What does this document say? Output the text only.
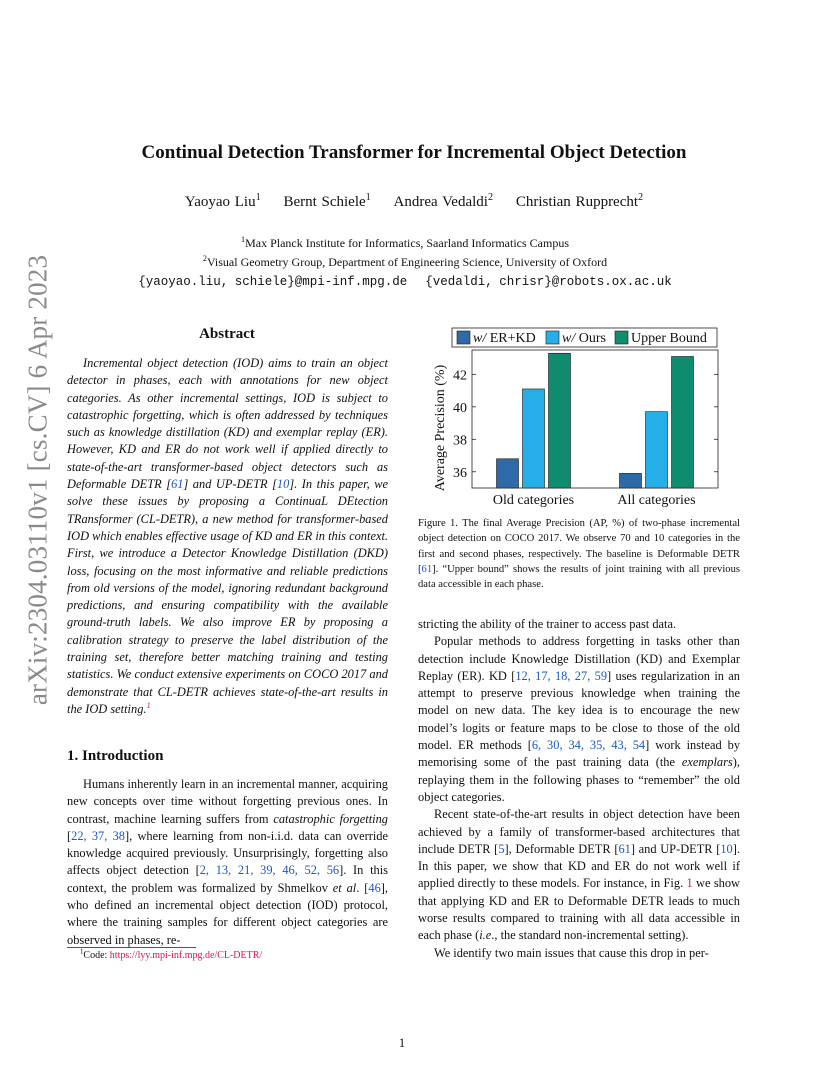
arXiv:2304.03110v1 [cs.CV] 6 Apr 2023
Continual Detection Transformer for Incremental Object Detection
Yaoyao Liu$^1$ Bernt Schiele$^1$ Andrea Vedaldi$^2$ Christian Rupprecht$^2$
$^1$Max Planck Institute for Informatics, Saarland Informatics Campus
$^2$Visual Geometry Group, Department of Engineering Science, University of Oxford
{yaoyao.liu, schiele}@mpi-inf.mpg.de {vedaldi, chrisr}@robots.ox.ac.uk
Abstract
Incremental object detection (IOD) aims to train an object detector in phases, each with annotations for new object categories. As other incremental settings, IOD is subject to catastrophic forgetting, which is often addressed by techniques such as knowledge distillation (KD) and exemplar replay (ER). However, KD and ER do not work well if applied directly to state-of-the-art transformer-based object detectors such as Deformable DETR [61] and UP-DETR [10]. In this paper, we solve these issues by proposing a ContinuaL DEtection TRansformer (CL-DETR), a new method for transformer-based IOD which enables effective usage of KD and ER in this context. First, we introduce a Detector Knowledge Distillation (DKD) loss, focusing on the most informative and reliable predictions from old versions of the model, ignoring redundant background predictions, and ensuring compatibility with the available ground-truth labels. We also improve ER by proposing a calibration strategy to preserve the label distribution of the training set, therefore better matching training and testing statistics. We conduct extensive experiments on COCO 2017 and demonstrate that CL-DETR achieves state-of-the-art results in the IOD setting.$^1$
1. Introduction
Humans inherently learn in an incremental manner, acquiring new concepts over time without forgetting previous ones. In contrast, machine learning suffers from catastrophic forgetting [22, 37, 38], where learning from non-i.i.d. data can override knowledge acquired previously. Unsurprisingly, forgetting also affects object detection [2, 13, 21, 39, 46, 52, 56]. In this context, the problem was formalized by Shmelkov et al. [46], who defined an incremental object detection (IOD) protocol, where the training samples for different object categories are observed in phases, re-
$^1$Code: https://lyy.mpi-inf.mpg.de/CL-DETR/
36
38
40
42
Old categories	All categories
w/ ER+KD w/ Ours Upper Bound
Average Precision (%)
Figure 1. The final Average Precision (AP, %) of two-phase incremental object detection on COCO 2017. We observe 70 and 10 categories in the first and second phases, respectively. The baseline is Deformable DETR [61]. “Upper bound” shows the results of joint training with all previous data accessible in each phase.

stricting the ability of the trainer to access past data.

Popular methods to address forgetting in tasks other than detection include Knowledge Distillation (KD) and Exemplar Replay (ER). KD [12, 17, 18, 27, 59] uses regularization in an attempt to preserve previous knowledge when training the model on new data. The key idea is to encourage the new model’s logits or feature maps to be close to those of the old model. ER methods [6, 30, 34, 35, 43, 54] work instead by memorising some of the past training data (the exemplars), replaying them in the following phases to “remember” the old object categories.

Recent state-of-the-art results in object detection have been achieved by a family of transformer-based architectures that include DETR [5], Deformable DETR [61] and UP-DETR [10]. In this paper, we show that KD and ER do not work well if applied directly to these models. For instance, in Fig. 1 we show that applying KD and ER to Deformable DETR leads to much worse results compared to training with all data accessible in each phase (i.e., the standard non-incremental setting).

We identify two main issues that cause this drop in per-

1
